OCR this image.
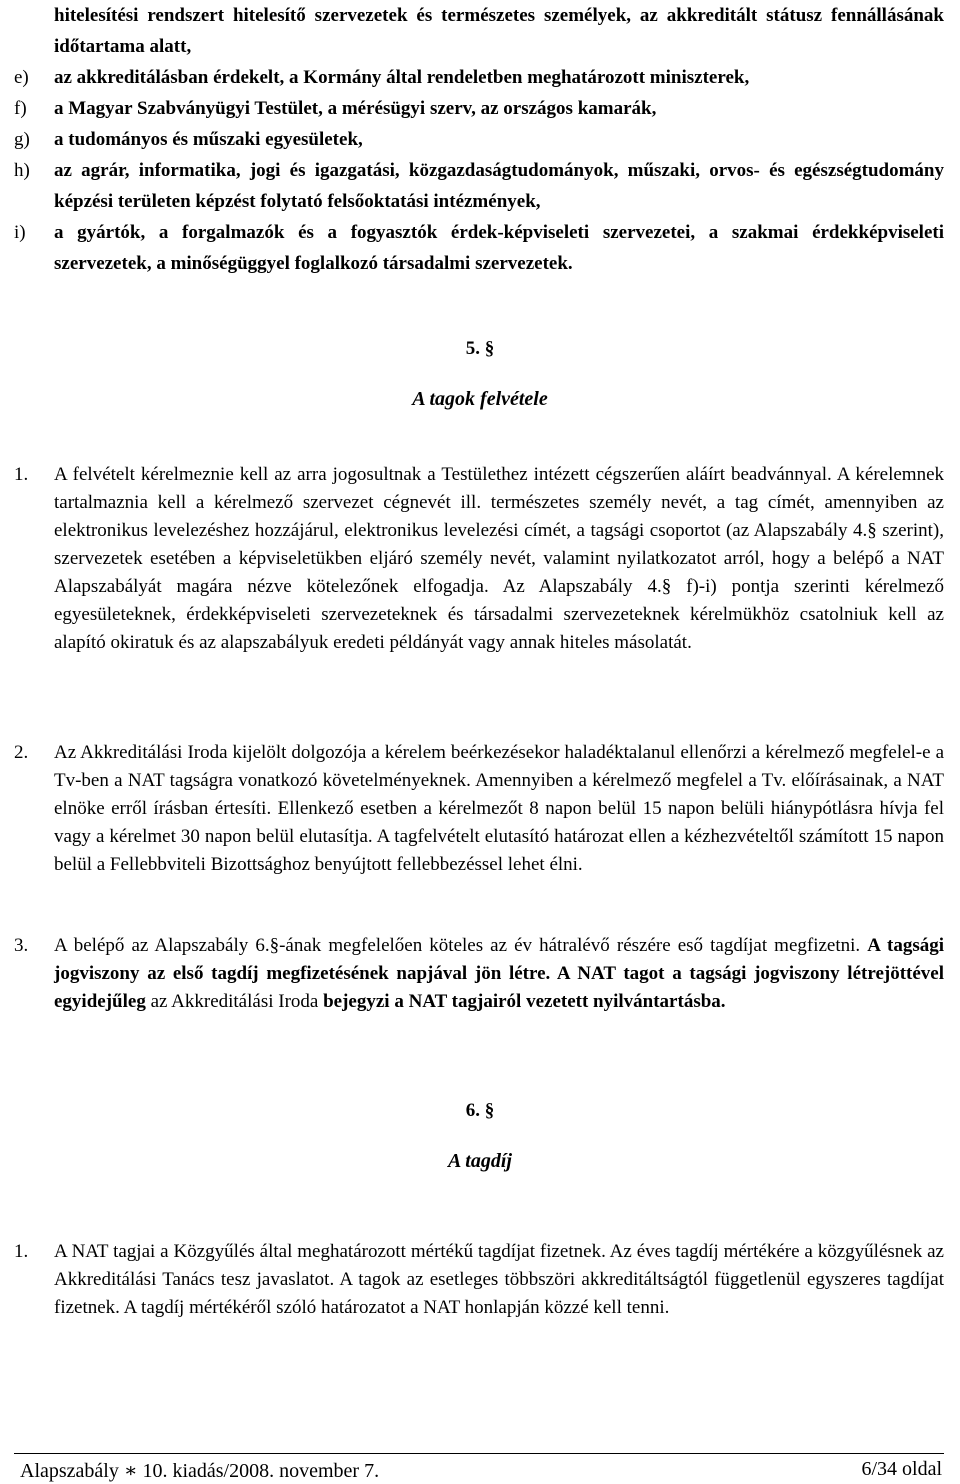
hitelesítési rendszert hitelesítő szervezetek és természetes személyek, az akkreditált státusz fennállásának időtartama alatt,
e) az akkreditálásban érdekelt, a Kormány által rendeletben meghatározott miniszterek,
f) a Magyar Szabványügyi Testület, a mérésügyi szerv, az országos kamarák,
g) a tudományos és műszaki egyesületek,
h) az agrár, informatika, jogi és igazgatási, közgazdaságtudományok, műszaki, orvos- és egészségtudomány képzési területen képzést folytató felsőoktatási intézmények,
i) a gyártók, a forgalmazók és a fogyasztók érdek-képviseleti szervezetei, a szakmai érdekképviseleti szervezetek, a minőségüggyel foglalkozó társadalmi szervezetek.
5. §
A tagok felvétele
1.	A felvételt kérelmeznie kell az arra jogosultnak a Testülethez intézett cégszerűen aláírt beadvánnyal. A kérelemnek tartalmaznia kell a kérelmező szervezet cégnevét ill. természetes személy nevét, a tag címét, amennyiben az elektronikus levelezéshez hozzájárul, elektronikus levelezési címét, a tagsági csoportot (az Alapszabály 4.§ szerint), szervezetek esetében a képviseletükben eljáró személy nevét, valamint nyilatkozatot arról, hogy a belépő a NAT Alapszabályát magára nézve kötelezőnek elfogadja. Az Alapszabály 4.§ f)-i) pontja szerinti kérelmező egyesületeknek, érdekképviseleti szervezeteknek és társadalmi szervezeteknek kérelmükhöz csatolniuk kell az alapító okiratuk és az alapszabályuk eredeti példányát vagy annak hiteles másolatát.
2.	Az Akkreditálási Iroda kijelölt dolgozója a kérelem beérkezésekor haladéktalanul ellenőrzi a kérelmező megfelel-e a Tv-ben a NAT tagságra vonatkozó követelményeknek. Amennyiben a kérelmező megfelel a Tv. előírásainak, a NAT elnöke erről írásban értesíti. Ellenkező esetben a kérelmezőt 8 napon belül 15 napon belüli hiánypótlásra hívja fel vagy a kérelmet 30 napon belül elutasítja. A tagfelvételt elutasító határozat ellen a kézhezvételtől számított 15 napon belül a Fellebbviteli Bizottsághoz benyújtott fellebbezéssel lehet élni.
3.	A belépő az Alapszabály 6.§-ának megfelelően köteles az év hátralévő részére eső tagdíjat megfizetni. A tagsági jogviszony az első tagdíj megfizetésének napjával jön létre. A NAT tagot a tagsági jogviszony létrejöttével egyidejűleg az Akkreditálási Iroda bejegyzi a NAT tagjairól vezetett nyilvántartásba.
6. §
A tagdíj
1.	A NAT tagjai a Közgyűlés által meghatározott mértékű tagdíjat fizetnek. Az éves tagdíj mértékére a közgyűlésnek az Akkreditálási Tanács tesz javaslatot. A tagok az esetleges többszöri akkreditáltságtól függetlenül egyszeres tagdíjat fizetnek. A tagdíj mértékéről szóló határozatot a NAT honlapján közzé kell tenni.
Alapszabály ∗ 10. kiadás/2008. november 7.	6/34 oldal
